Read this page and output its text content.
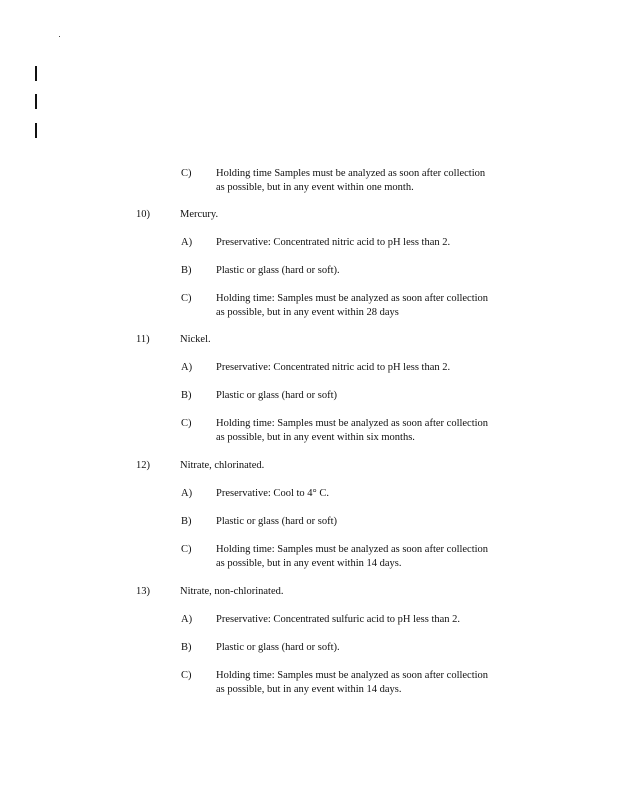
C) Holding time Samples must be analyzed as soon after collection
as possible, but in any event within one month.
10)	Mercury.
A) Preservative: Concentrated nitric acid to pH less than 2.
B) Plastic or glass (hard or soft).
C) Holding time: Samples must be analyzed as soon after collection
as possible, but in any event within 28 days
11)	Nickel.
A) Preservative: Concentrated nitric acid to pH less than 2.
B) Plastic or glass (hard or soft)
C) Holding time: Samples must be analyzed as soon after collection
as possible, but in any event within six months.
12)	Nitrate, chlorinated.
A) Preservative: Cool to 4° C.
B) Plastic or glass (hard or soft)
C) Holding time: Samples must be analyzed as soon after collection
as possible, but in any event within 14 days.
13)	Nitrate, non-chlorinated.
A) Preservative: Concentrated sulfuric acid to pH less than 2.
B) Plastic or glass (hard or soft).
C) Holding time: Samples must be analyzed as soon after collection
as possible, but in any event within 14 days.
